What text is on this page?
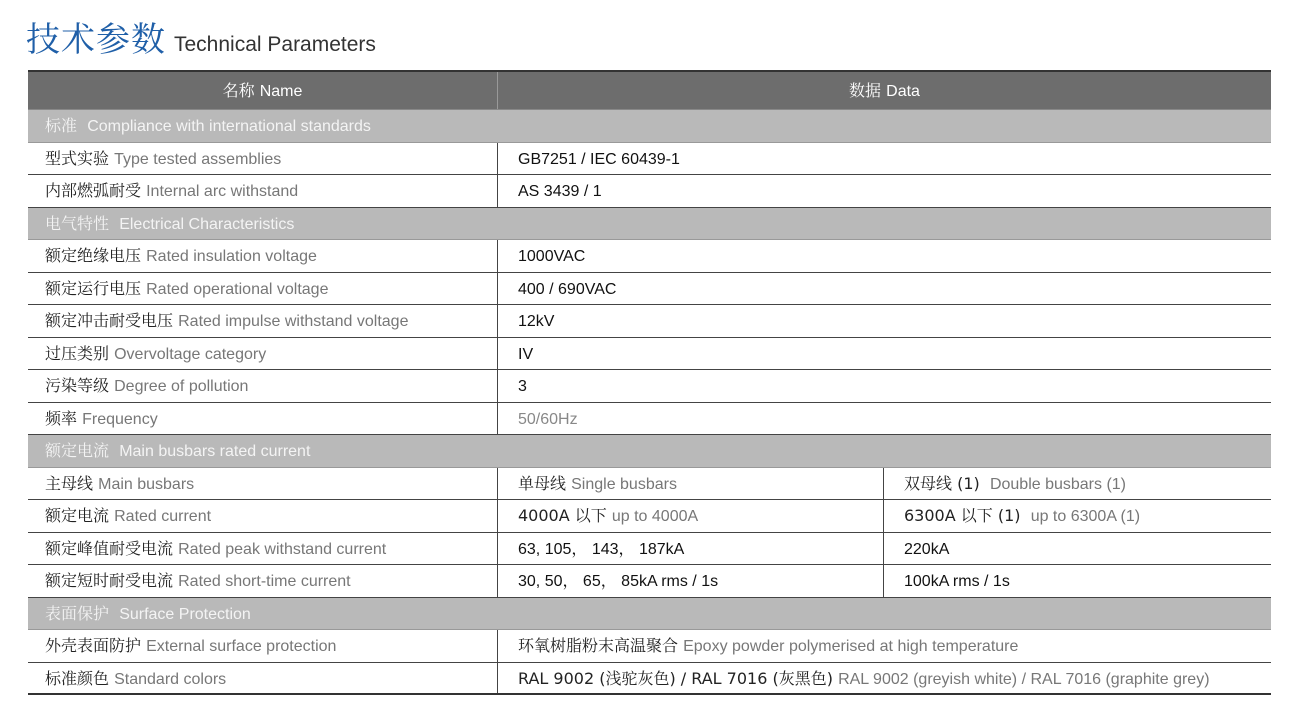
技术参数 Technical Parameters
名称 Name	数据 Data
标准 Compliance with international standards
型式实验 Type tested assemblies	GB7251 / IEC 60439-1
内部燃弧耐受 Internal arc withstand	AS 3439 / 1
电气特性 Electrical Characteristics
额定绝缘电压 Rated insulation voltage	1000VAC
额定运行电压 Rated operational voltage	400 / 690VAC
额定冲击耐受电压 Rated impulse withstand voltage	12kV
过压类别 Overvoltage category	IV
污染等级 Degree of pollution	3
频率 Frequency	50/60Hz
额定电流 Main busbars rated current
主母线 Main busbars	单母线 Single busbars	双母线 (1) Double busbars (1)
额定电流 Rated current	4000A 以下 up to 4000A	6300A 以下 (1) up to 6300A (1)
额定峰值耐受电流 Rated peak withstand current	63, 105， 143， 187kA	220kA
额定短时耐受电流 Rated short-time current	30, 50， 65， 85kA rms / 1s	100kA rms / 1s
表面保护 Surface Protection
外壳表面防护 External surface protection	环氧树脂粉末高温聚合 Epoxy powder polymerised at high temperature
标准颜色 Standard colors	RAL 9002 (浅驼灰色) / RAL 7016 (灰黑色) RAL 9002 (greyish white) / RAL 7016 (graphite grey)
